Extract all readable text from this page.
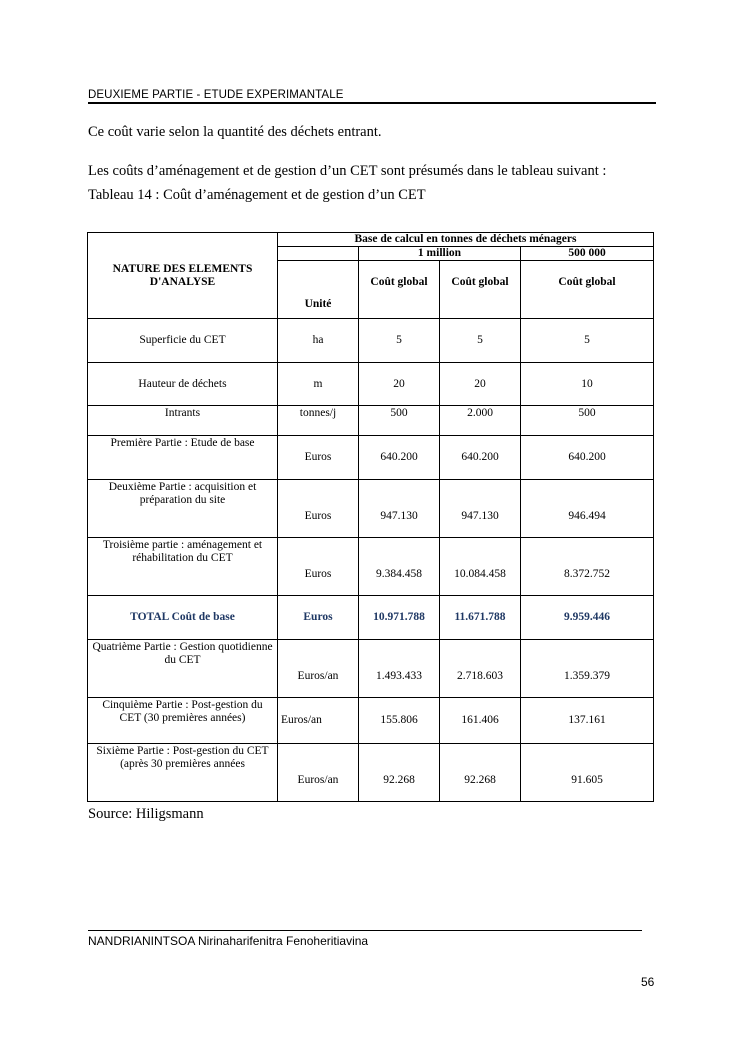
DEUXIEME PARTIE - ETUDE EXPERIMANTALE
Ce coût varie selon la quantité des déchets entrant.
Les coûts d’aménagement et de gestion d’un CET sont présumés dans le tableau suivant :
Tableau 14 : Coût d’aménagement et de gestion d’un CET
NATURE DES ELEMENTS D'ANALYSE	Base de calcul en tonnes de déchets ménagers			
		1 million		500 000
	Unité	Coût global	Coût global	Coût global
Superficie du CET	ha	5	5	5
Hauteur de déchets	m	20	20	10
Intrants	tonnes/j	500	2.000	500
Première Partie : Etude de base	Euros	640.200	640.200	640.200
Deuxième Partie : acquisition et préparation du site	Euros	947.130	947.130	946.494
Troisième partie : aménagement et réhabilitation du CET	Euros	9.384.458	10.084.458	8.372.752
TOTAL Coût de base	Euros	10.971.788	11.671.788	9.959.446
Quatrième Partie : Gestion quotidienne du CET	Euros/an	1.493.433	2.718.603	1.359.379
Cinquième Partie : Post-gestion du CET (30 premières années)	Euros/an	155.806	161.406	137.161
Sixième Partie : Post-gestion du CET (après 30 premières années	Euros/an	92.268	92.268	91.605
Source: Hiligsmann
NANDRIANINTSOA Nirinaharifenitra Fenoheritiavina
56
